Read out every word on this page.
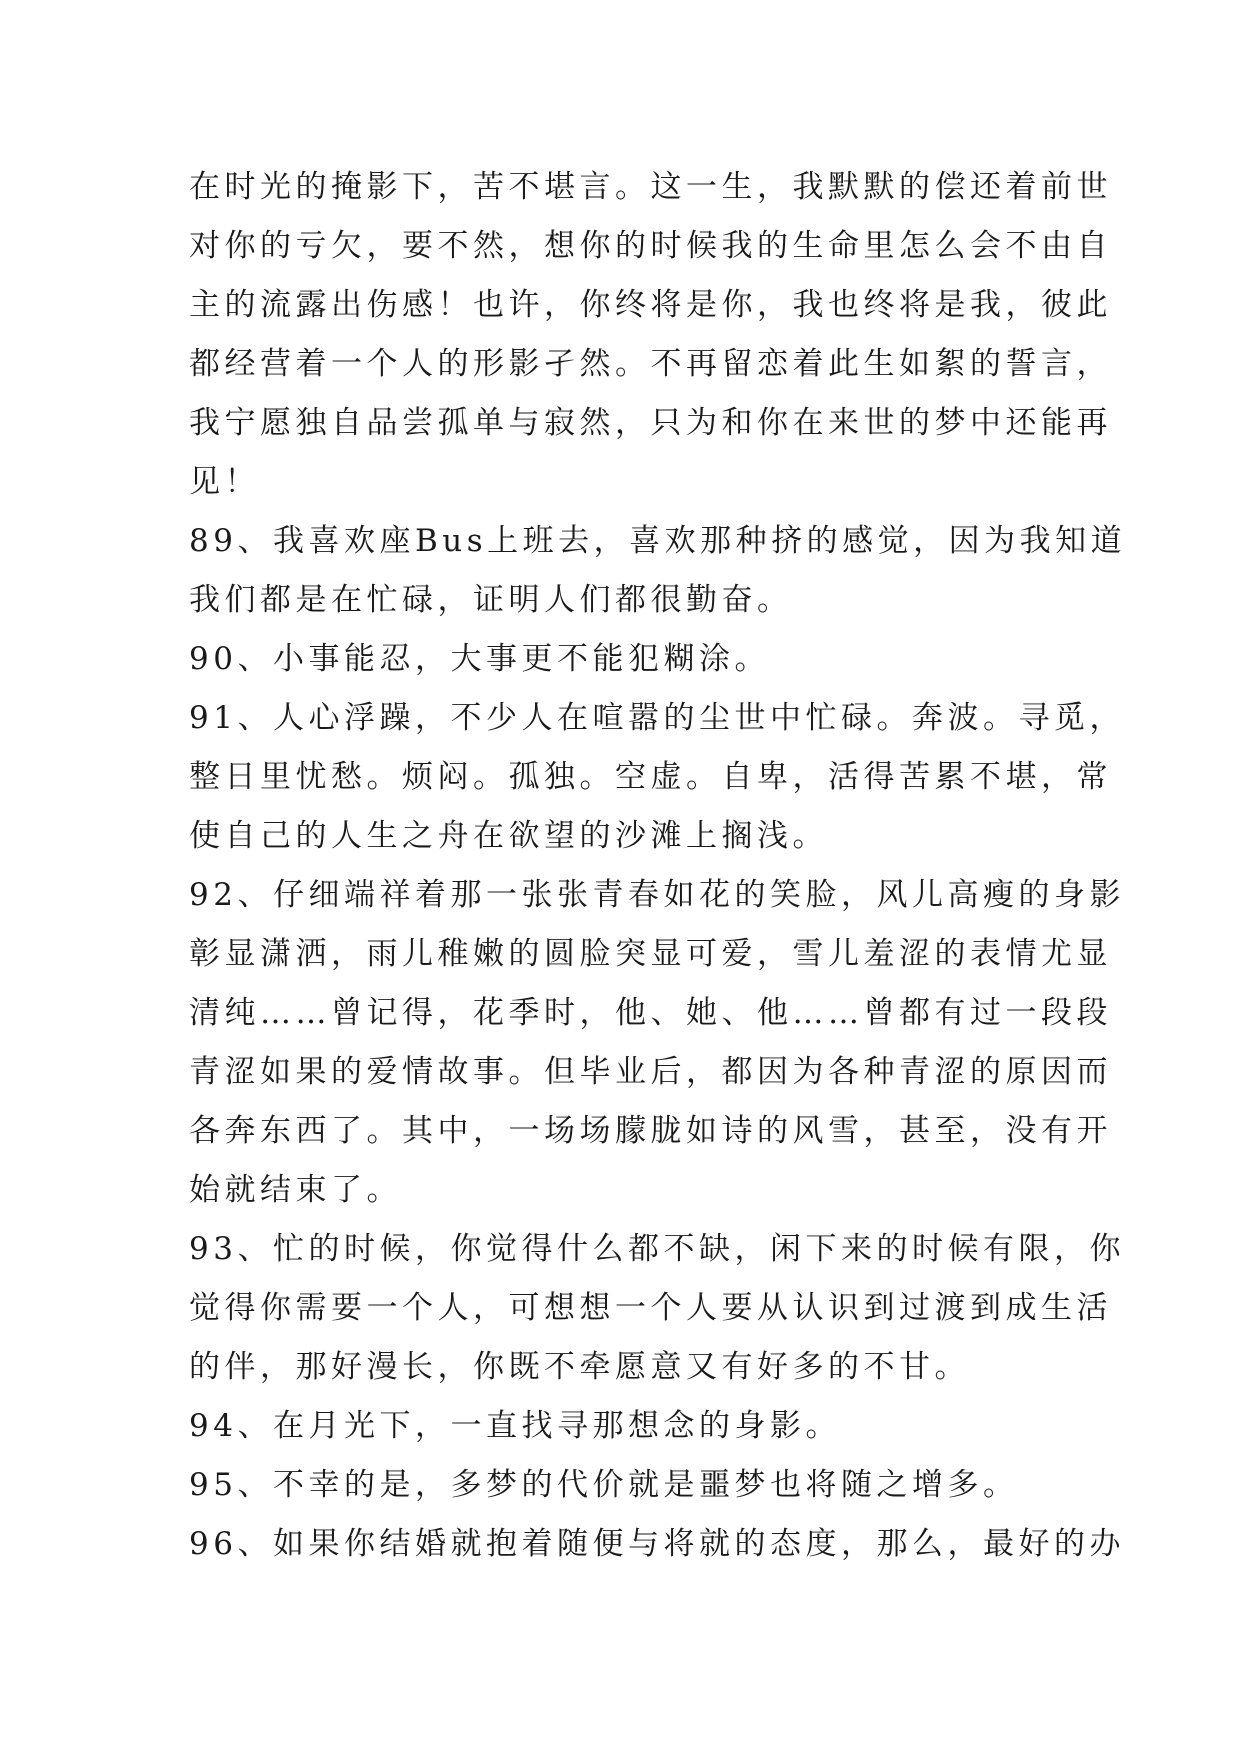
在时光的掩影下，苦不堪言。这一生，我默默的偿还着前世
对你的亏欠，要不然，想你的时候我的生命里怎么会不由自
主的流露出伤感！也许，你终将是你，我也终将是我，彼此
都经营着一个人的形影孑然。不再留恋着此生如絮的誓言，
我宁愿独自品尝孤单与寂然，只为和你在来世的梦中还能再
见！
89、我喜欢座Bus上班去，喜欢那种挤的感觉，因为我知道
我们都是在忙碌，证明人们都很勤奋。
90、小事能忍，大事更不能犯糊涂。
91、人心浮躁，不少人在喧嚣的尘世中忙碌。奔波。寻觅，
整日里忧愁。烦闷。孤独。空虚。自卑，活得苦累不堪，常
使自己的人生之舟在欲望的沙滩上搁浅。
92、仔细端祥着那一张张青春如花的笑脸，风儿高瘦的身影
彰显潇洒，雨儿稚嫩的圆脸突显可爱，雪儿羞涩的表情尤显
清纯……曾记得，花季时，他、她、他……曾都有过一段段
青涩如果的爱情故事。但毕业后，都因为各种青涩的原因而
各奔东西了。其中，一场场朦胧如诗的风雪，甚至，没有开
始就结束了。
93、忙的时候，你觉得什么都不缺，闲下来的时候有限，你
觉得你需要一个人，可想想一个人要从认识到过渡到成生活
的伴，那好漫长，你既不牵愿意又有好多的不甘。
94、在月光下，一直找寻那想念的身影。
95、不幸的是，多梦的代价就是噩梦也将随之增多。
96、如果你结婚就抱着随便与将就的态度，那么，最好的办
